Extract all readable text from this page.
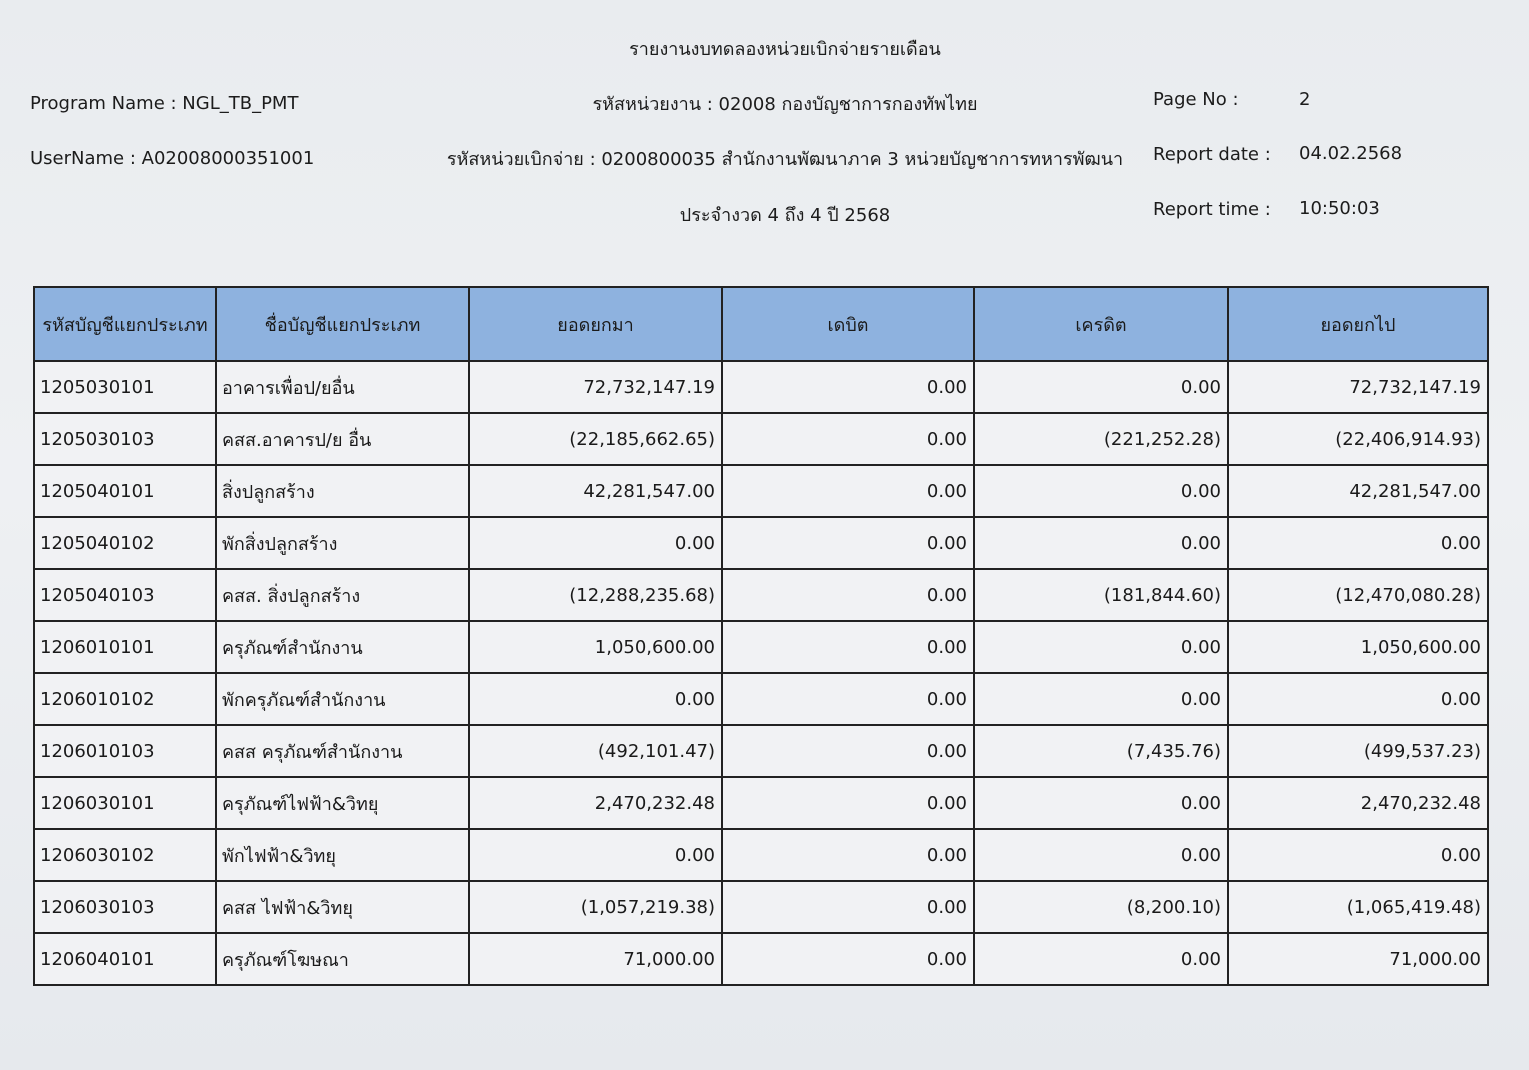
รายงานงบทดลองหน่วยเบิกจ่ายรายเดือน
Program Name : NGL_TB_PMT	รหัสหน่วยงาน : 02008 กองบัญชาการกองทัพไทย	Page No :	2
UserName : A02008000351001	รหัสหน่วยเบิกจ่าย : 0200800035 สำนักงานพัฒนาภาค 3 หน่วยบัญชาการทหารพัฒนา Report date : 04.02.2568
ประจำงวด 4 ถึง 4 ปี 2568	Report time : 10:50:03
รหัสบัญชีแยกประเภท	ชื่อบัญชีแยกประเภท	ยอดยกมา	เดบิต	เครดิต	ยอดยกไป
1205030101	อาคารเพื่อป/ยอื่น	72,732,147.19	0.00	0.00	72,732,147.19
1205030103	คสส.อาคารป/ย อื่น	(22,185,662.65)	0.00	(221,252.28)	(22,406,914.93)
1205040101	สิ่งปลูกสร้าง	42,281,547.00	0.00	0.00	42,281,547.00
1205040102	พักสิ่งปลูกสร้าง	0.00	0.00	0.00	0.00
1205040103	คสส. สิ่งปลูกสร้าง	(12,288,235.68)	0.00	(181,844.60)	(12,470,080.28)
1206010101	ครุภัณฑ์สำนักงาน	1,050,600.00	0.00	0.00	1,050,600.00
1206010102	พักครุภัณฑ์สำนักงาน	0.00	0.00	0.00	0.00
1206010103	คสส ครุภัณฑ์สำนักงาน	(492,101.47)	0.00	(7,435.76)	(499,537.23)
1206030101	ครุภัณฑ์ไฟฟ้า&วิทยุ	2,470,232.48	0.00	0.00	2,470,232.48
1206030102	พักไฟฟ้า&วิทยุ	0.00	0.00	0.00	0.00
1206030103	คสส ไฟฟ้า&วิทยุ	(1,057,219.38)	0.00	(8,200.10)	(1,065,419.48)
1206040101	ครุภัณฑ์โฆษณา	71,000.00	0.00	0.00	71,000.00
